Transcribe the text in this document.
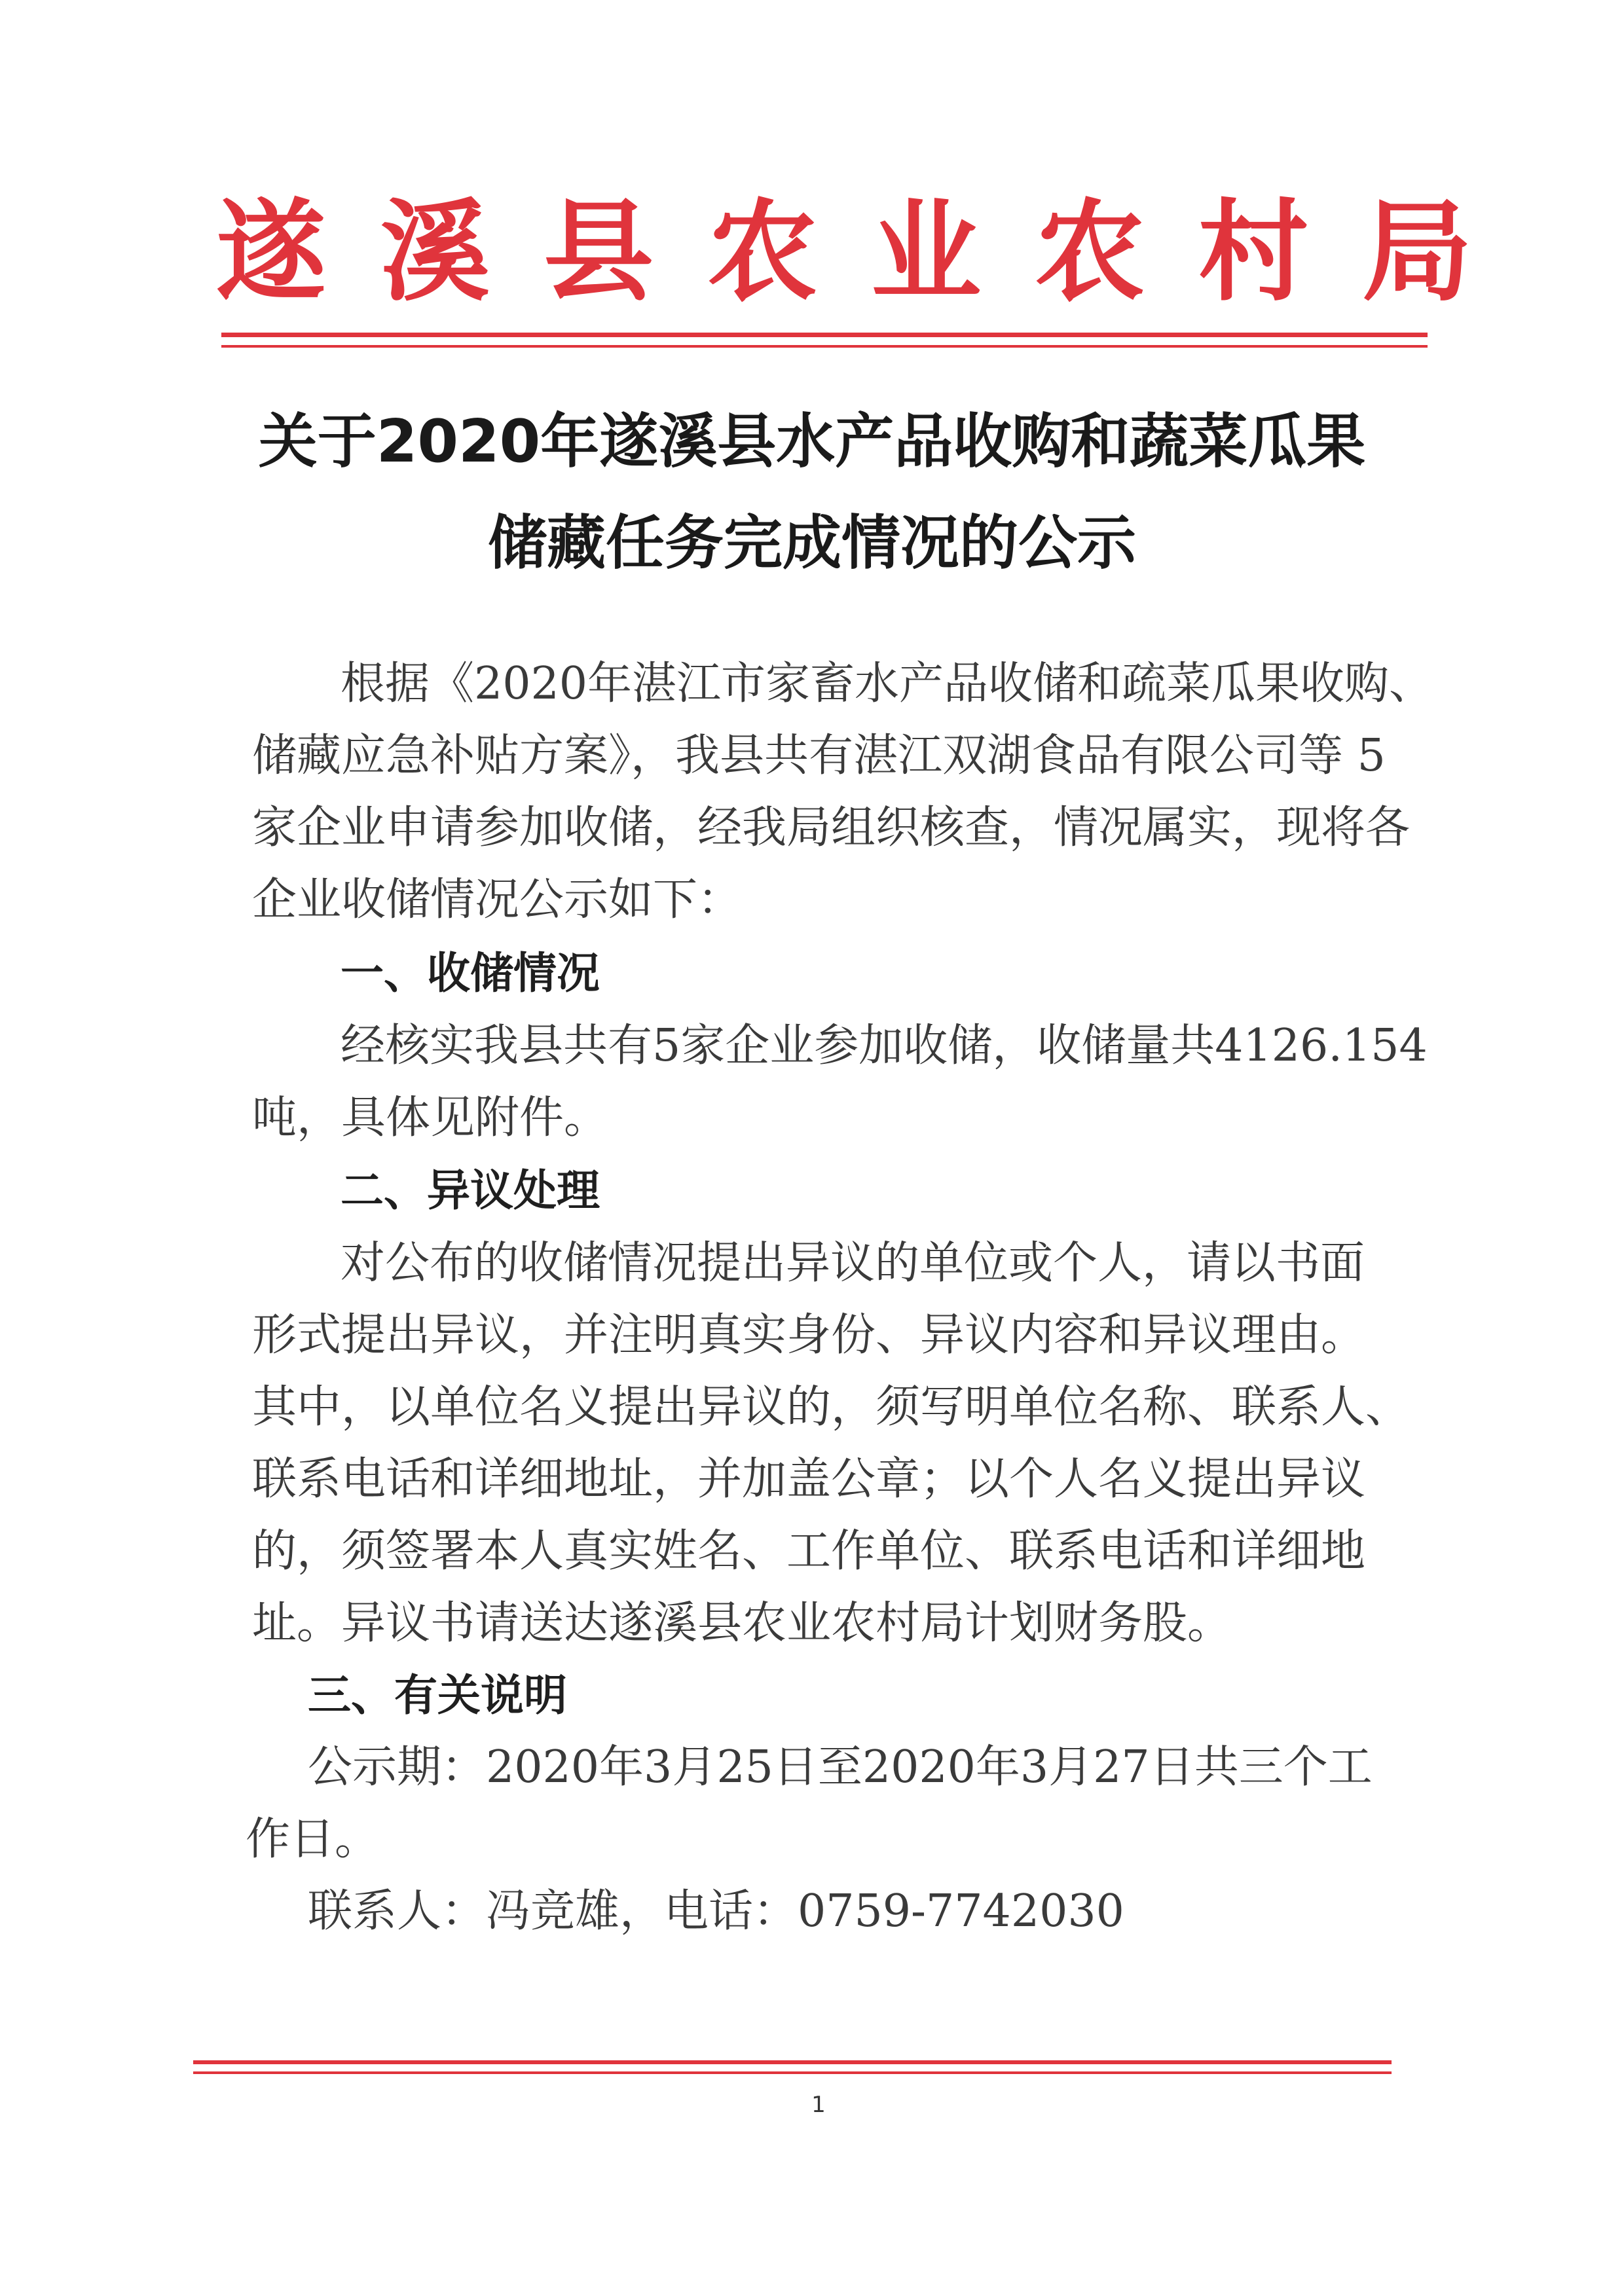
遂溪县农业农村局
关于2020年遂溪县水产品收购和蔬菜瓜果
储藏任务完成情况的公示
根据《2020年湛江市家畜水产品收储和疏菜瓜果收购、
储藏应急补贴方案》，我县共有湛江双湖食品有限公司等 5
家企业申请参加收储，经我局组织核查，情况属实，现将各
企业收储情况公示如下：
一、收储情况
经核实我县共有5家企业参加收储，收储量共4126.154
吨，具体见附件。
二、异议处理
对公布的收储情况提出异议的单位或个人，请以书面
形式提出异议，并注明真实身份、异议内容和异议理由。
其中，以单位名义提出异议的，须写明单位名称、联系人、
联系电话和详细地址，并加盖公章；以个人名义提出异议
的，须签署本人真实姓名、工作单位、联系电话和详细地
址。异议书请送达遂溪县农业农村局计划财务股。
三、有关说明
公示期：2020年3月25日至2020年3月27日共三个工
作日。
联系人：冯竞雄，电话：0759-7742030
1
